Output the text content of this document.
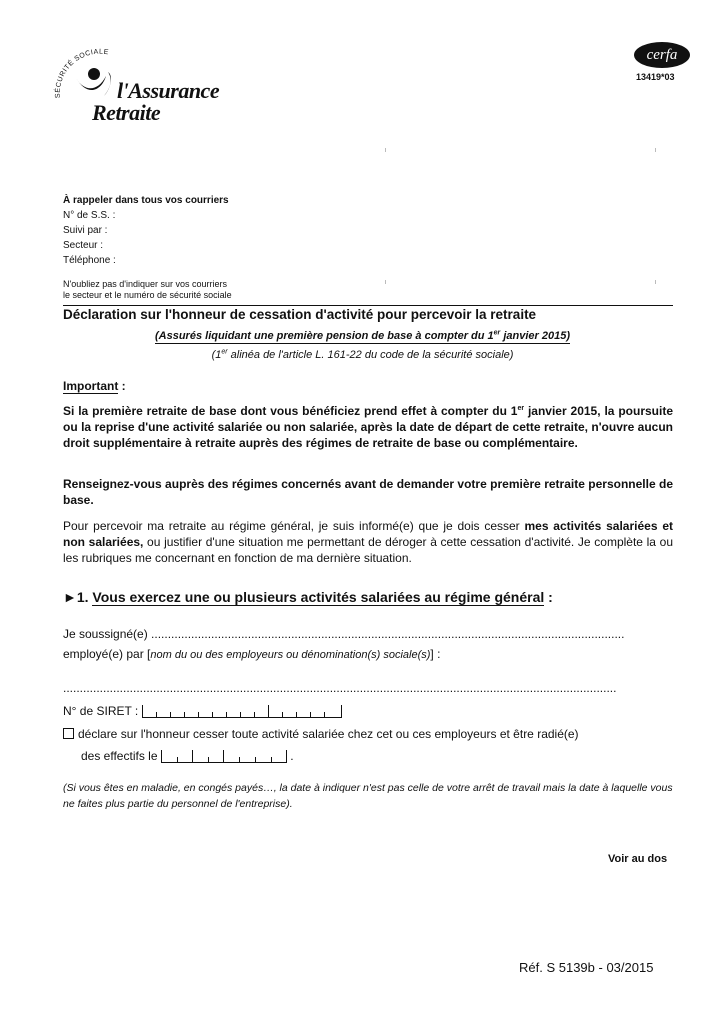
SÉCURITÉ SOCIALE
l'Assurance
Retraite
cerfa
13419*03
À rappeler dans tous vos courriers
N° de S.S. :
Suivi par :
Secteur :
Téléphone :
N'oubliez pas d'indiquer sur vos courriers
le secteur et le numéro de sécurité sociale
Déclaration sur l'honneur de cessation d'activité pour percevoir la retraite
(Assurés liquidant une première pension de base à compter du 1er janvier 2015)
(1er alinéa de l'article L. 161-22 du code de la sécurité sociale)
Important :
Si la première retraite de base dont vous bénéficiez prend effet à compter du 1er janvier 2015, la poursuite ou la reprise d'une activité salariée ou non salariée, après la date de départ de cette retraite, n'ouvre aucun droit supplémentaire à retraite auprès des régimes de retraite de base ou complémentaire.
Renseignez-vous auprès des régimes concernés avant de demander votre première retraite personnelle de base.
Pour percevoir ma retraite au régime général, je suis informé(e) que je dois cesser mes activités salariées et non salariées, ou justifier d'une situation me permettant de déroger à cette cessation d'activité. Je complète la ou les rubriques me concernant en fonction de ma dernière situation.
►1. Vous exercez une ou plusieurs activités salariées au régime général :
Je soussigné(e) ..............................................................................................................................................
employé(e) par [nom du ou des employeurs ou dénomination(s) sociale(s)] :
......................................................................................................................................................................
N° de SIRET :
déclare sur l'honneur cesser toute activité salariée chez cet ou ces employeurs et être radié(e)
des effectifs le	.
(Si vous êtes en maladie, en congés payés…, la date à indiquer n'est pas celle de votre arrêt de travail mais la date à laquelle vous ne faites plus partie du personnel de l'entreprise).
Voir au dos
Réf. S 5139b - 03/2015
